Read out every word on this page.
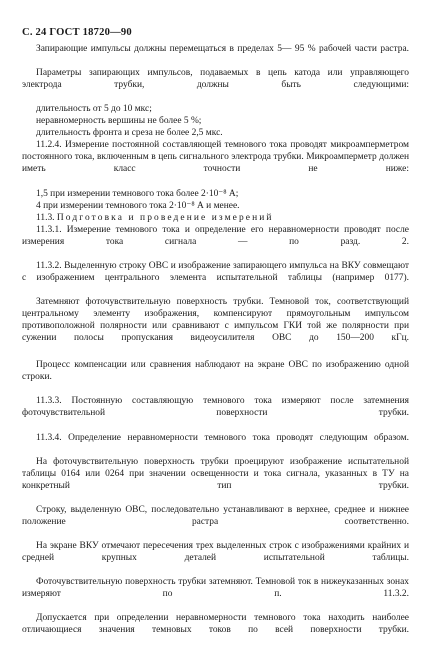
С. 24 ГОСТ 18720—90

Запирающие импульсы должны перемещаться в пределах 5— 95 % рабочей части растра.

Параметры запирающих импульсов, подаваемых в цепь катода или управляющего электрода трубки, должны быть следующими:

длительность от 5 до 10 мкс;
неравномерность вершины не более 5 %;
длительность фронта и среза не более 2,5 мкс.

11.2.4. Измерение постоянной составляющей темнового тока проводят микроамперметром постоянного тока, включенным в цепь сигнального электрода трубки. Микроамперметр должен иметь класс точности не ниже:

1,5 при измерении темнового тока более 2·10⁻⁸ А;
4 при измерении темнового тока 2·10⁻⁸ А и менее.

11.3. Подготовка и проведение измерений

11.3.1. Измерение темнового тока и определение его неравномерности проводят после измерения тока сигнала — по разд. 2.

11.3.2. Выделенную строку ОВС и изображение запирающего импульса на ВКУ совмещают с изображением центрального элемента испытательной таблицы (например 0177).

Затемняют фоточувствительную поверхность трубки. Темновой ток, соответствующий центральному элементу изображения, компенсируют прямоугольным импульсом противоположной полярности или сравнивают с импульсом ГКИ той же полярности при сужении полосы пропускания видеоусилителя ОВС до 150—200 кГц.

Процесс компенсации или сравнения наблюдают на экране ОВС по изображению одной строки.

11.3.3. Постоянную составляющую темнового тока измеряют после затемнения фоточувствительной поверхности трубки.

11.3.4. Определение неравномерности темнового тока проводят следующим образом.

На фоточувствительную поверхность трубки проецируют изображение испытательной таблицы 0164 или 0264 при значении освещенности и тока сигнала, указанных в ТУ на конкретный тип трубки.

Строку, выделенную ОВС, последовательно устанавливают в верхнее, среднее и нижнее положение растра соответственно.

На экране ВКУ отмечают пересечения трех выделенных строк с изображениями крайних и средней крупных деталей испытательной таблицы.

Фоточувствительную поверхность трубки затемняют. Темновой ток в нижеуказанных зонах измеряют по п. 11.3.2.

Допускается при определении неравномерности темнового тока находить наиболее отличающиеся значения темновых токов по всей поверхности трубки.
